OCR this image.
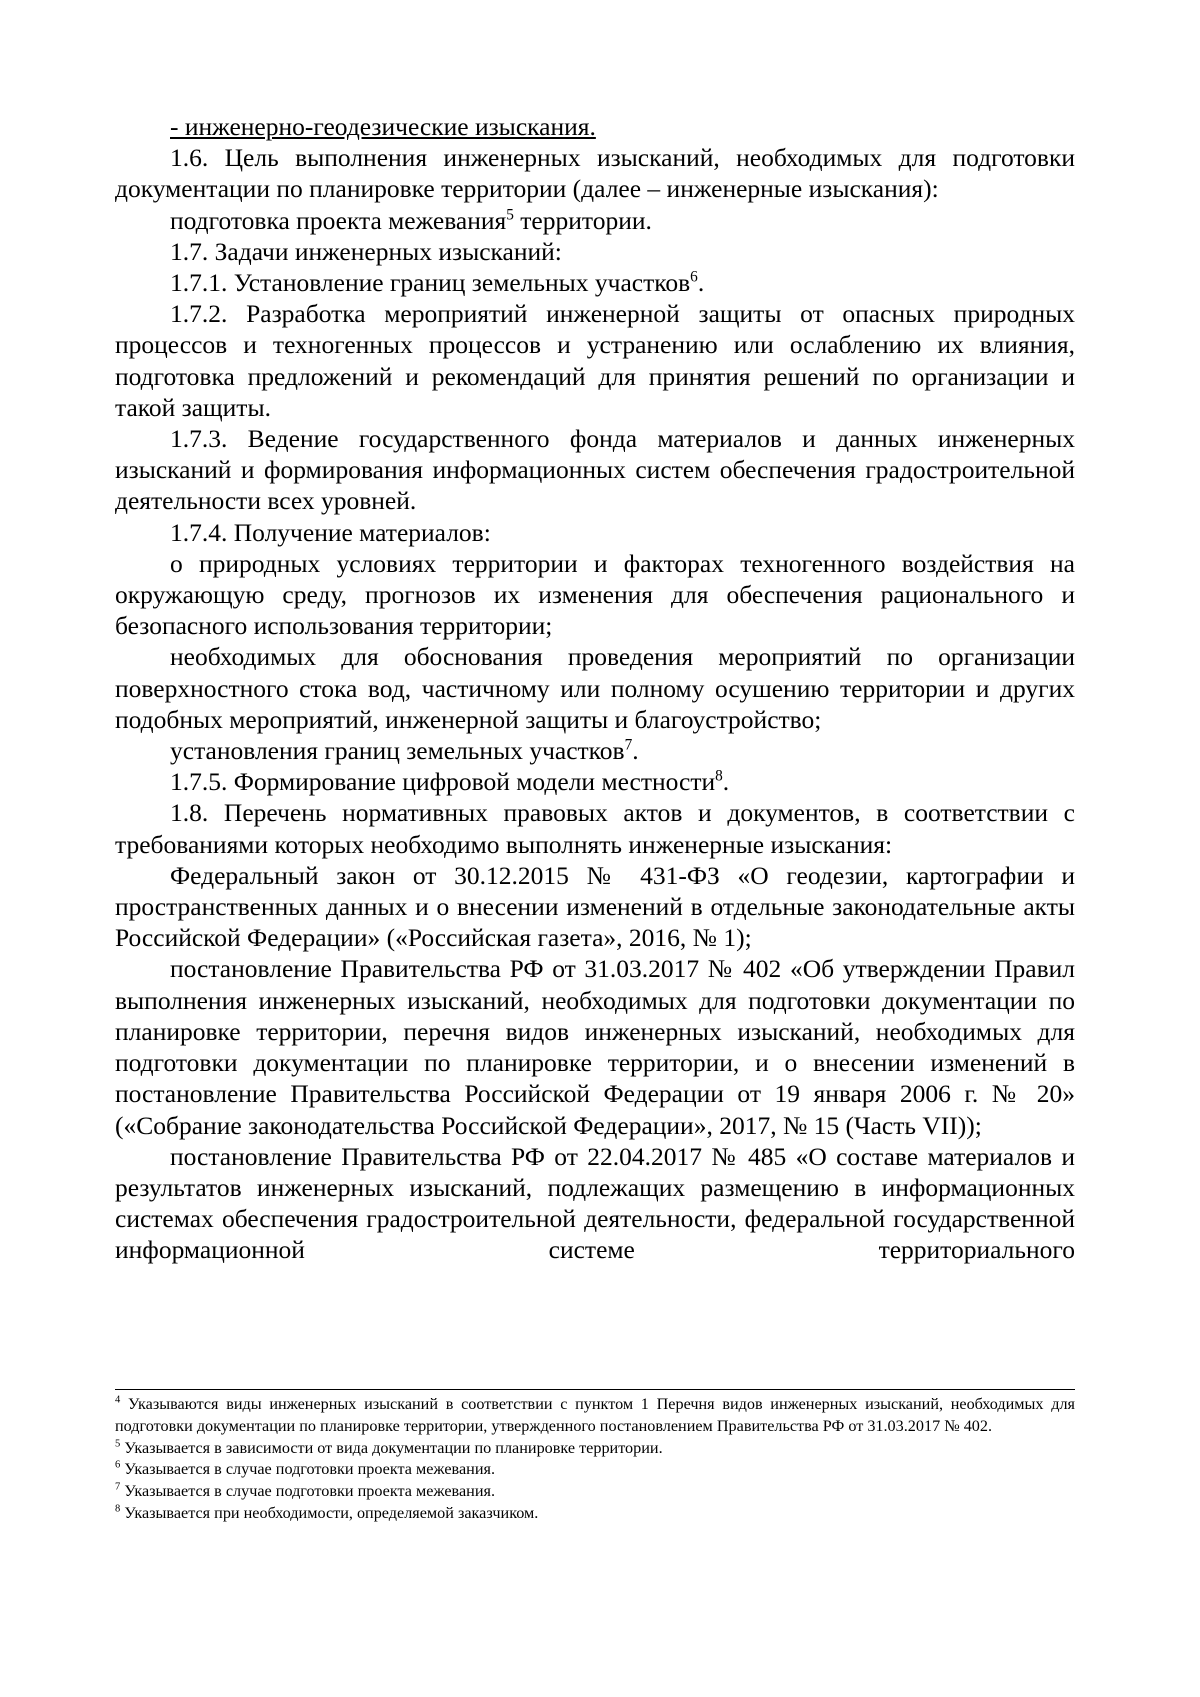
- инженерно-геодезические изыскания.

1.6. Цель выполнения инженерных изысканий, необходимых для подготовки документации по планировке территории (далее – инженерные изыскания):

подготовка проекта межевания$^5$ территории.

1.7. Задачи инженерных изысканий:

1.7.1. Установление границ земельных участков$^6$.

1.7.2. Разработка мероприятий инженерной защиты от опасных природных процессов и техногенных процессов и устранению или ослаблению их влияния, подготовка предложений и рекомендаций для принятия решений по организации и такой защиты.

1.7.3. Ведение государственного фонда материалов и данных инженерных изысканий и формирования информационных систем обеспечения градостроительной деятельности всех уровней.

1.7.4. Получение материалов:

о природных условиях территории и факторах техногенного воздействия на окружающую среду, прогнозов их изменения для обеспечения рационального и безопасного использования территории;

необходимых для обоснования проведения мероприятий по организации поверхностного стока вод, частичному или полному осушению территории и других подобных мероприятий, инженерной защиты и благоустройство;

установления границ земельных участков$^7$.

1.7.5. Формирование цифровой модели местности$^8$.

1.8. Перечень нормативных правовых актов и документов, в соответствии с требованиями которых необходимо выполнять инженерные изыскания:

Федеральный закон от 30.12.2015 № 431-ФЗ «О геодезии, картографии и пространственных данных и о внесении изменений в отдельные законодательные акты Российской Федерации» («Российская газета», 2016, № 1);

постановление Правительства РФ от 31.03.2017 № 402 «Об утверждении Правил выполнения инженерных изысканий, необходимых для подготовки документации по планировке территории, перечня видов инженерных изысканий, необходимых для подготовки документации по планировке территории, и о внесении изменений в постановление Правительства Российской Федерации от 19 января 2006 г. № 20» («Собрание законодательства Российской Федерации», 2017, № 15 (Часть VII));

постановление Правительства РФ от 22.04.2017 № 485 «О составе материалов и результатов инженерных изысканий, подлежащих размещению в информационных системах обеспечения градостроительной деятельности, федеральной государственной информационной системе территориального

$^4$ Указываются виды инженерных изысканий в соответствии с пунктом 1 Перечня видов инженерных изысканий, необходимых для подготовки документации по планировке территории, утвержденного постановлением Правительства РФ от 31.03.2017 № 402.

$^5$ Указывается в зависимости от вида документации по планировке территории.

$^6$ Указывается в случае подготовки проекта межевания.

$^7$ Указывается в случае подготовки проекта межевания.

$^8$ Указывается при необходимости, определяемой заказчиком.
